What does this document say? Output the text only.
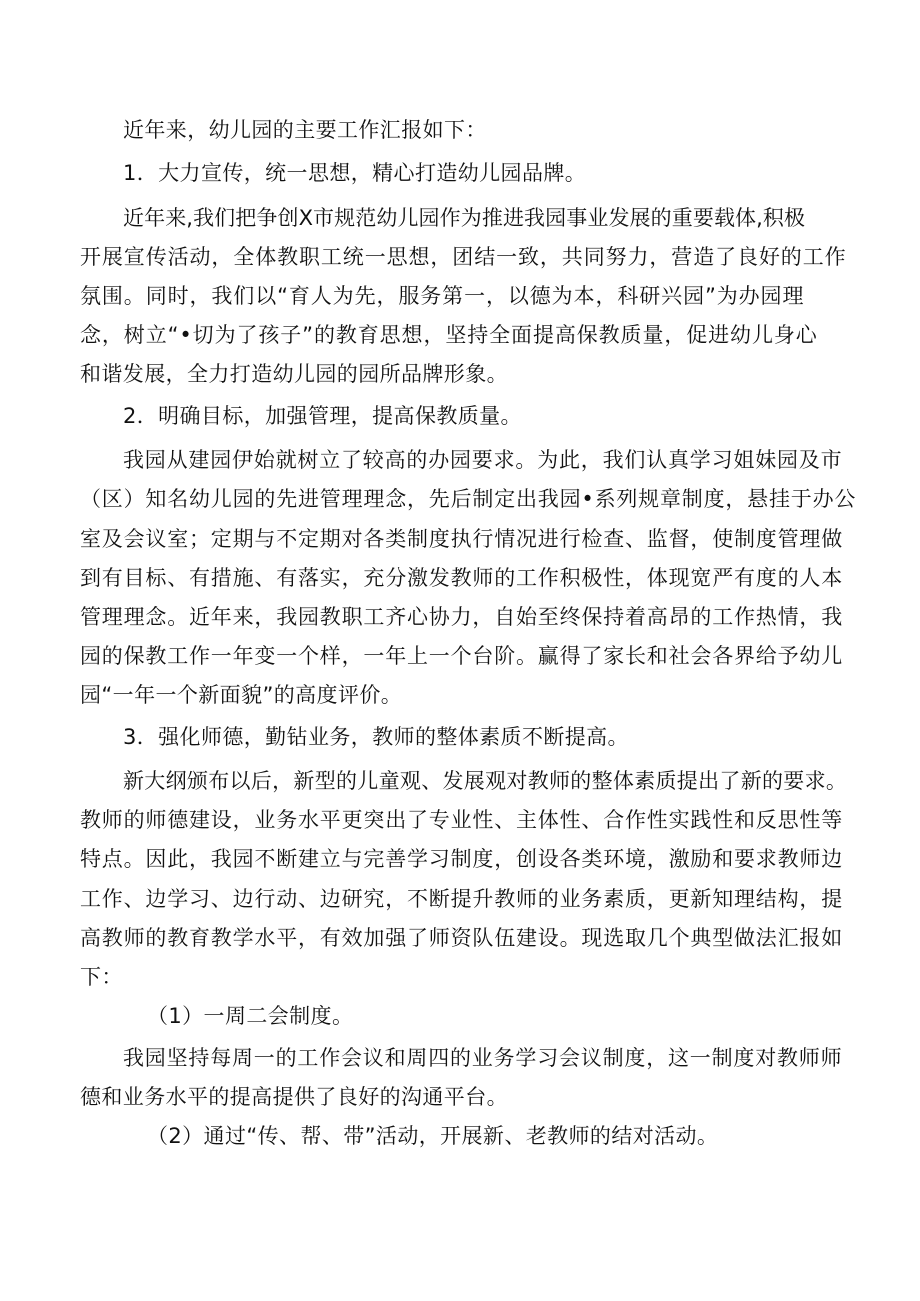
近年来，幼儿园的主要工作汇报如下：
1．大力宣传，统一思想，精心打造幼儿园品牌。
近年来,我们把争创X市规范幼儿园作为推进我园事业发展的重要载体,积极
开展宣传活动，全体教职工统一思想，团结一致，共同努力，营造了良好的工作
氛围。同时，我们以“育人为先，服务第一，以德为本，科研兴园”为办园理
念，树立“•切为了孩子”的教育思想，坚持全面提高保教质量，促进幼儿身心
和谐发展，全力打造幼儿园的园所品牌形象。
2．明确目标，加强管理，提高保教质量。
我园从建园伊始就树立了较高的办园要求。为此，我们认真学习姐妹园及市
（区）知名幼儿园的先进管理理念，先后制定出我园•系列规章制度，悬挂于办公
室及会议室；定期与不定期对各类制度执行情况进行检查、监督，使制度管理做
到有目标、有措施、有落实，充分激发教师的工作积极性，体现宽严有度的人本
管理理念。近年来，我园教职工齐心协力，自始至终保持着高昂的工作热情，我
园的保教工作一年变一个样，一年上一个台阶。赢得了家长和社会各界给予幼儿
园“一年一个新面貌”的高度评价。
3．强化师德，勤钻业务，教师的整体素质不断提高。
新大纲颁布以后，新型的儿童观、发展观对教师的整体素质提出了新的要求。
教师的师德建设，业务水平更突出了专业性、主体性、合作性实践性和反思性等
特点。因此，我园不断建立与完善学习制度，创设各类环境，激励和要求教师边
工作、边学习、边行动、边研究，不断提升教师的业务素质，更新知理结构，提
高教师的教育教学水平，有效加强了师资队伍建设。现选取几个典型做法汇报如
下：
（1）一周二会制度。
我园坚持每周一的工作会议和周四的业务学习会议制度，这一制度对教师师
德和业务水平的提高提供了良好的沟通平台。
（2）通过“传、帮、带”活动，开展新、老教师的结对活动。
